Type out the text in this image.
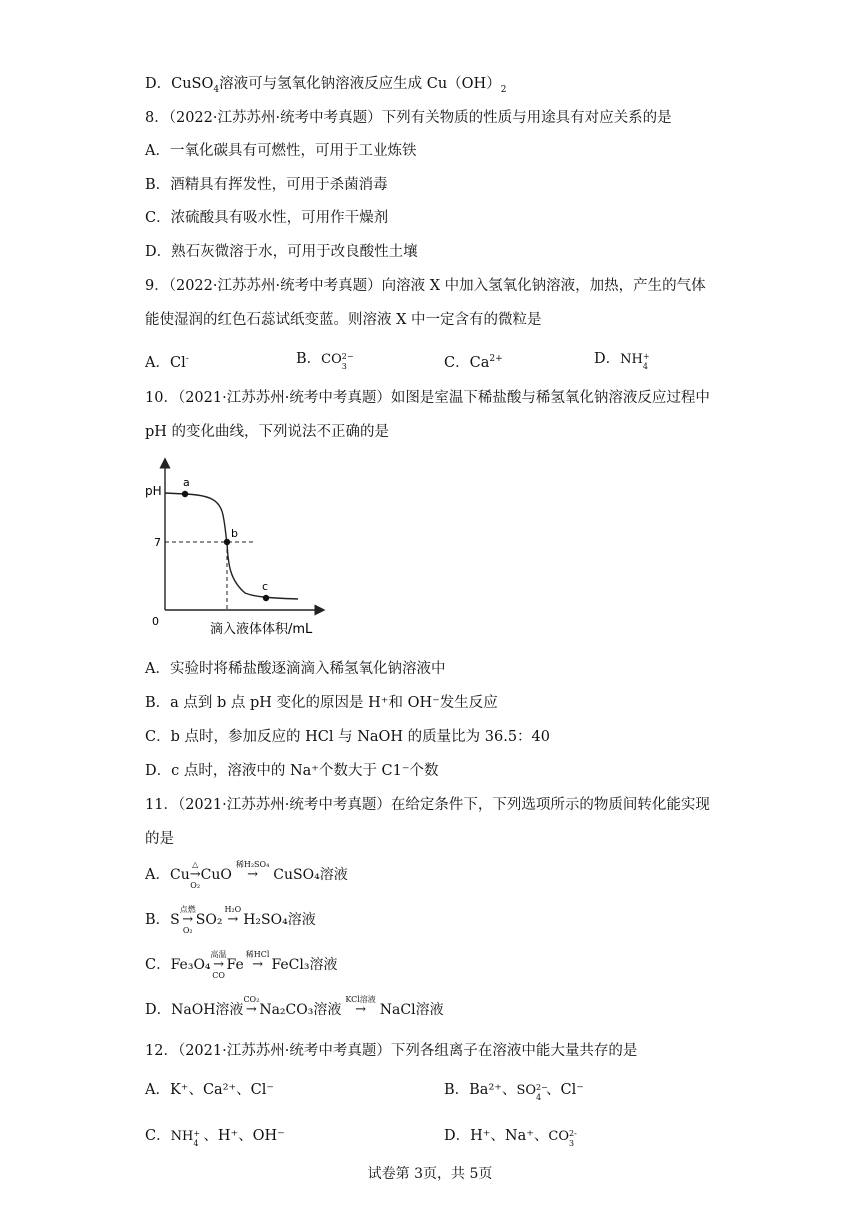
D．CuSO$_4$溶液可与氢氧化钠溶液反应生成 $Cu(OH)_2$
8．（2022·江苏苏州·统考中考真题）下列有关物质的性质与用途具有对应关系的是
A．一氧化碳具有可燃性，可用于工业炼铁
B．酒精具有挥发性，可用于杀菌消毒
C．浓硫酸具有吸水性，可用作干燥剂
D．熟石灰微溶于水，可用于改良酸性土壤
9．（2022·江苏苏州·统考中考真题）向溶液 X 中加入氢氧化钠溶液，加热，产生的气体
能使湿润的红色石蕊试纸变蓝。则溶液 X 中一定含有的微粒是
A．Cl-	B．CO 2−
3	C．$Ca^{2+}$	D．NH +
4
10．（2021·江苏苏州·统考中考真题）如图是室温下稀盐酸与稀氢氧化钠溶液反应过程中
pH 的变化曲线，下列说法不正确的是
pH
0
7
a
b
c
滴入液体体积/mL
A．实验时将稀盐酸逐滴滴入稀氢氧化钠溶液中
B．a 点到 b 点 pH 变化的原因是 H⁺和 OH⁻发生反应
C．b 点时，参加反应的 HCl 与 NaOH 的质量比为 36.5：40
D．c 点时，溶液中的 Na⁺个数大于 C1⁻个数
11．（2021·江苏苏州·统考中考真题）在给定条件下，下列选项所示的物质间转化能实现
的是
A．Cu
△
→
O₂
CuO
稀H₂SO₄
→	CuSO₄溶液
B．S
点燃
→
O₂
SO₂
H₂O
→ H₂SO₄溶液
C．Fe₃O₄
高温
→
CO
Fe
稀HCl
→ FeCl₃溶液
D．NaOH溶液
CO₂
→ Na₂CO₃溶液
KCl溶液
→ NaCl溶液
12．（2021·江苏苏州·统考中考真题）下列各组离子在溶液中能大量共存的是
A．K⁺、Ca²⁺、Cl⁻	B．Ba²⁺、SO 2−
4 、Cl⁻
C．NH +
4 、H⁺、OH⁻	D．H⁺、Na⁺、CO 2-
3
试卷第 3页，共 5页
